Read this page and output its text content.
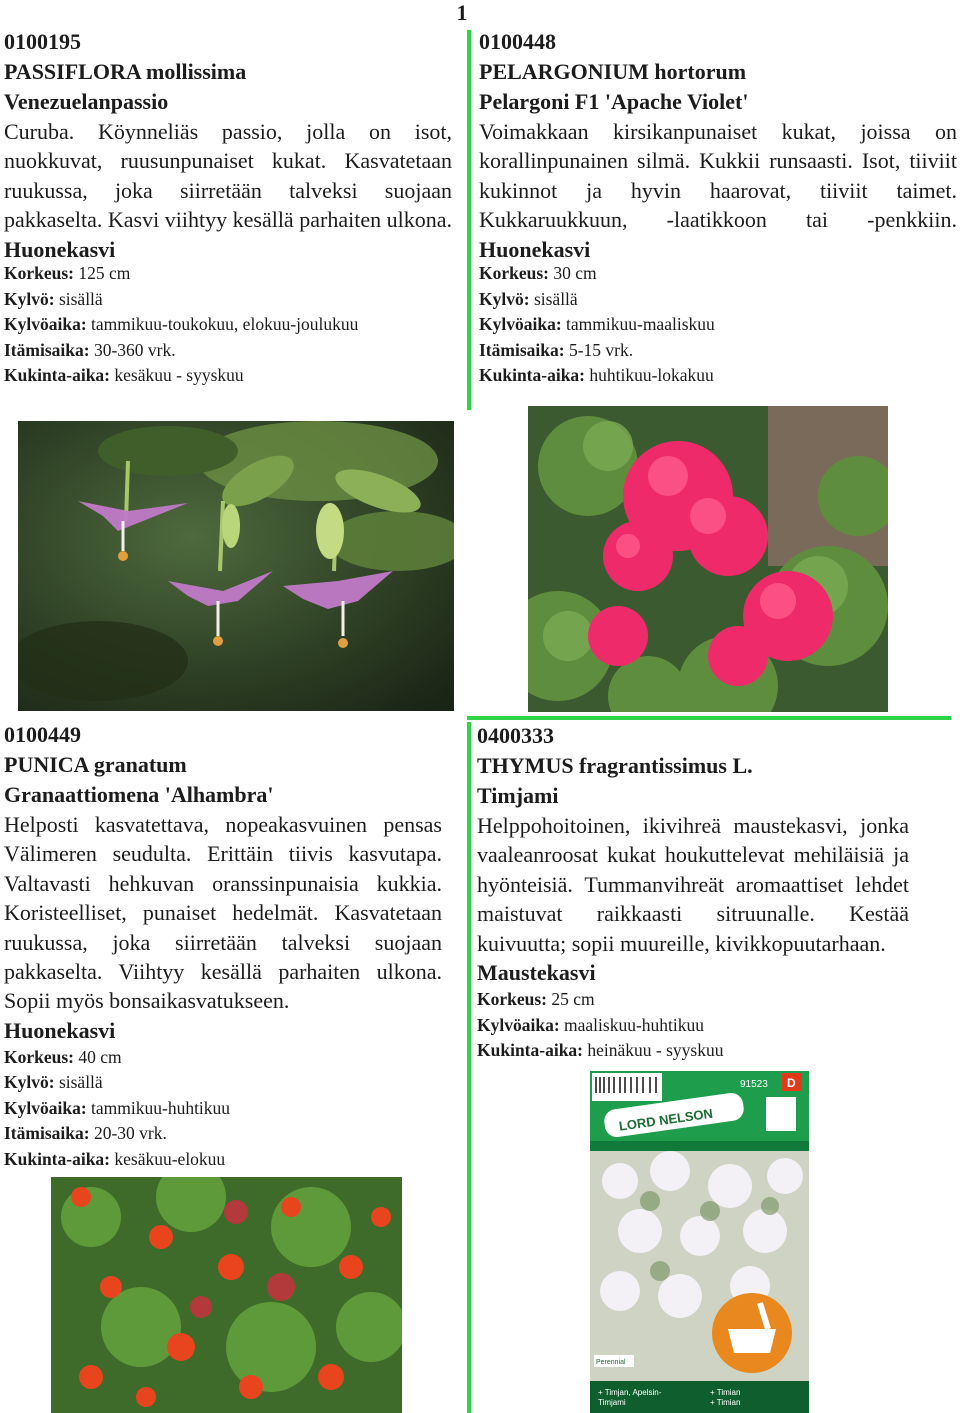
1
0100195
PASSIFLORA mollissima
Venezuelanpassio
Curuba. Köynneliäs passio, jolla on isot, nuokkuvat, ruusunpunaiset kukat. Kasvatetaan ruukussa, joka siirretään talveksi suojaan pakkaselta. Kasvi viihtyy kesällä parhaiten ulkona. Huonekasvi
Korkeus: 125 cm
Kylvö: sisällä
Kylvöaika: tammikuu-toukokuu, elokuu-joulukuu
Itämisaika: 30-360 vrk.
Kukinta-aika: kesäkuu - syyskuu
0100448
PELARGONIUM hortorum
Pelargoni F1 'Apache Violet'
Voimakkaan kirsikanpunaiset kukat, joissa on korallinpunainen silmä. Kukkii runsaasti. Isot, tiiviit kukinnot ja hyvin haarovat, tiiviit taimet. Kukkaruukkuun, -laatikkoon tai -penkkiin. Huonekasvi
Korkeus: 30 cm
Kylvö: sisällä
Kylvöaika: tammikuu-maaliskuu
Itämisaika: 5-15 vrk.
Kukinta-aika: huhtikuu-lokakuu
0100449
PUNICA granatum
Granaattiomena 'Alhambra'
Helposti kasvatettava, nopeakasvuinen pensas Välimeren seudulta. Erittäin tiivis kasvutapa. Valtavasti hehkuvan oranssinpunaisia kukkia. Koristeelliset, punaiset hedelmät. Kasvatetaan ruukussa, joka siirretään talveksi suojaan pakkaselta. Viihtyy kesällä parhaiten ulkona. Sopii myös bonsaikasvatukseen.
Huonekasvi
Korkeus: 40 cm
Kylvö: sisällä
Kylvöaika: tammikuu-huhtikuu
Itämisaika: 20-30 vrk.
Kukinta-aika: kesäkuu-elokuu
0400333
THYMUS fragrantissimus L.
Timjami
Helppohoitoinen, ikivihreä maustekasvi, jonka vaaleanroosat kukat houkuttelevat mehiläisiä ja hyönteisiä. Tummanvihreät aromaattiset lehdet maistuvat raikkaasti sitruunalle. Kestää kuivuutta; sopii muureille, kivikkopuutarhaan.
Maustekasvi
Korkeus: 25 cm
Kylvöaika: maaliskuu-huhtikuu
Kukinta-aika: heinäkuu - syyskuu
91523 D
LORD NELSON
Perennial
+ Timjan, Apelsin-Timjami
+ Timian + Timian
